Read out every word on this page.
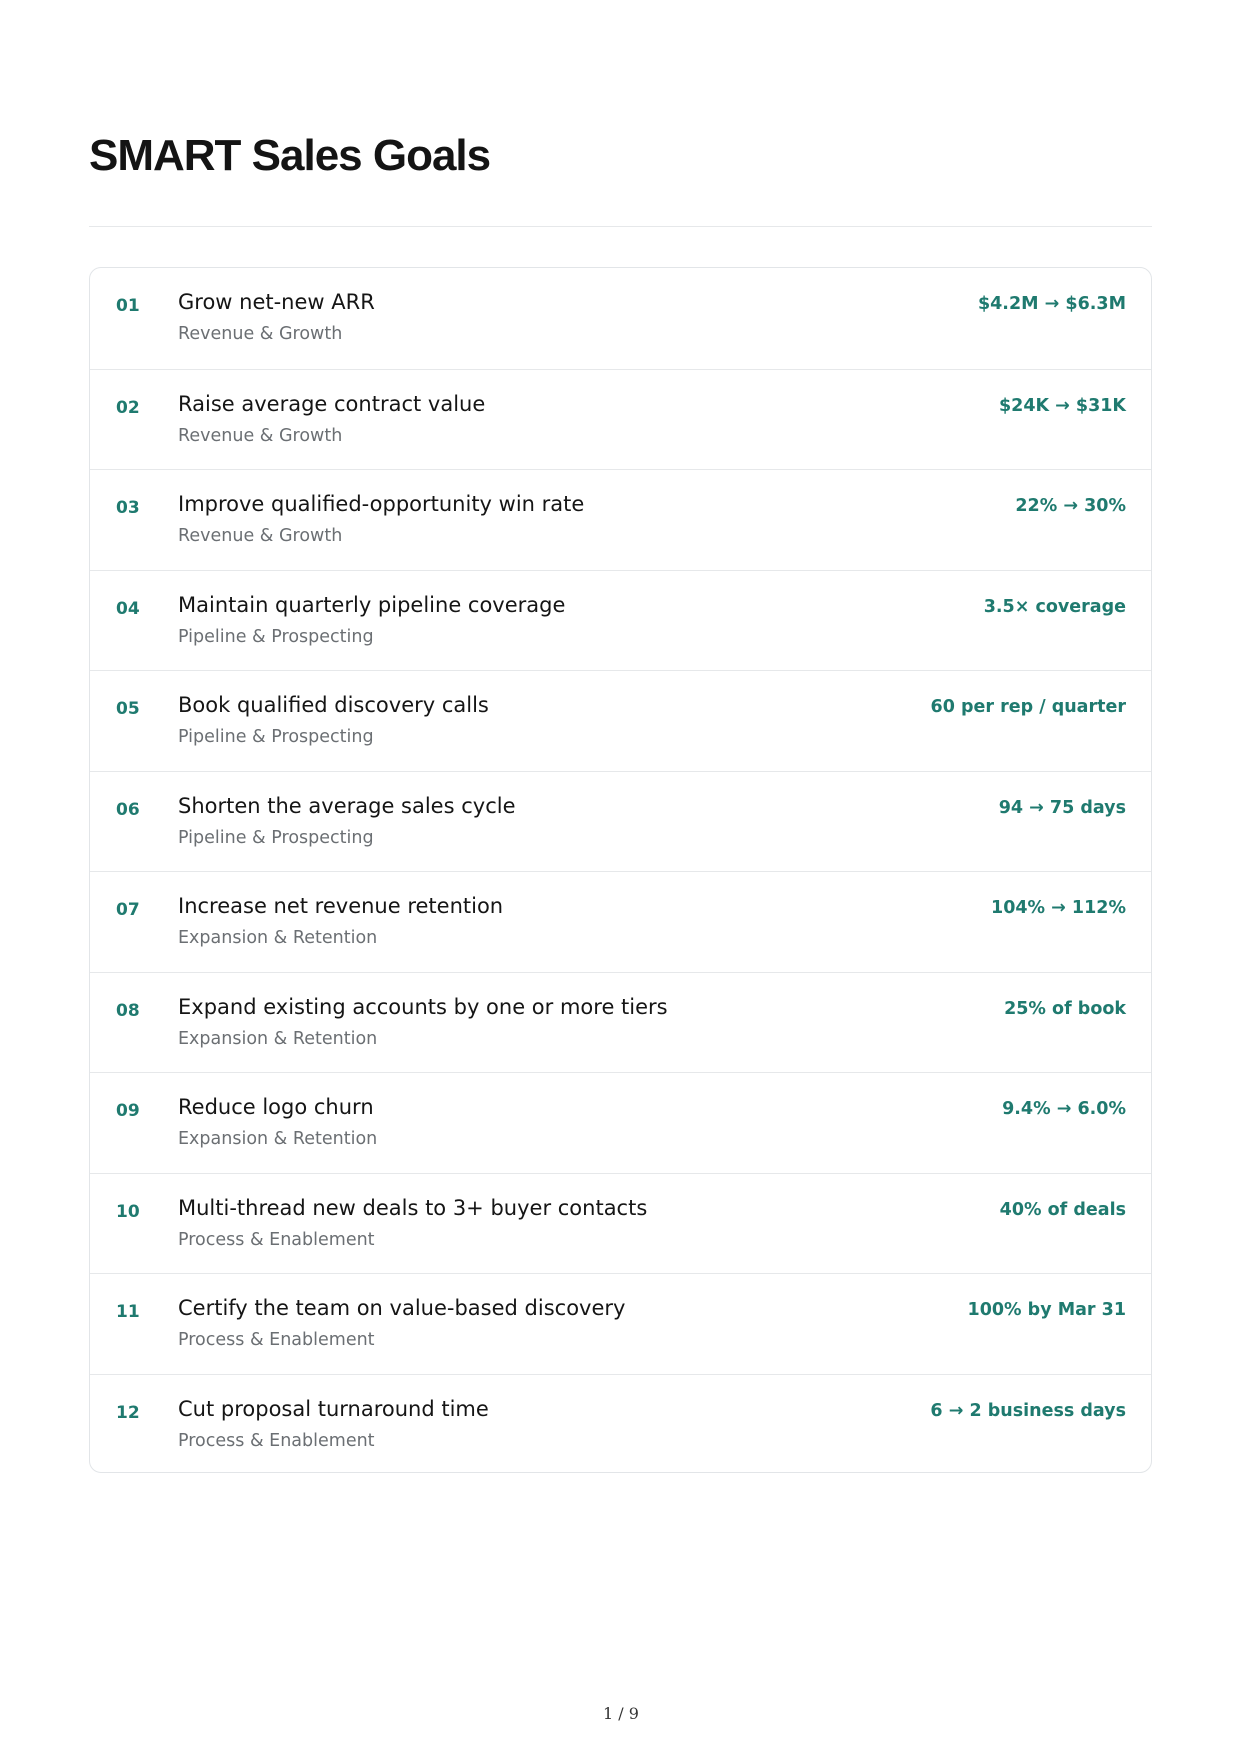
SMART Sales Goals
01 Grow net-new ARR
Revenue & Growth
$4.2M → $6.3M
02 Raise average contract value
Revenue & Growth
$24K → $31K
03 Improve qualified-opportunity win rate
Revenue & Growth
22% → 30%
04 Maintain quarterly pipeline coverage
Pipeline & Prospecting
3.5× coverage
05 Book qualified discovery calls
Pipeline & Prospecting
60 per rep / quarter
06 Shorten the average sales cycle
Pipeline & Prospecting
94 → 75 days
07 Increase net revenue retention
Expansion & Retention
104% → 112%
08 Expand existing accounts by one or more tiers
Expansion & Retention
25% of book
09 Reduce logo churn
Expansion & Retention
9.4% → 6.0%
10 Multi-thread new deals to 3+ buyer contacts
Process & Enablement
40% of deals
11 Certify the team on value-based discovery
Process & Enablement
100% by Mar 31
12 Cut proposal turnaround time
Process & Enablement
6 → 2 business days
1 / 9
